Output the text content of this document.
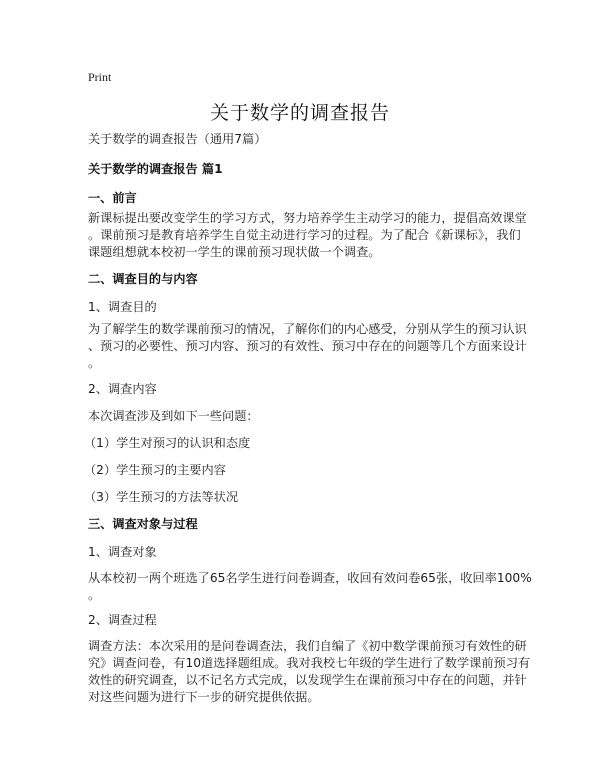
Print
关于数学的调查报告
关于数学的调查报告（通用7篇）
关于数学的调查报告 篇1
一、前言
新课标提出要改变学生的学习方式，努力培养学生主动学习的能力，提倡高效课堂
。课前预习是教育培养学生自觉主动进行学习的过程。为了配合《新课标》，我们
课题组想就本校初一学生的课前预习现状做一个调查。
二、调查目的与内容
1、调查目的
为了解学生的数学课前预习的情况，了解你们的内心感受，分别从学生的预习认识
、预习的必要性、预习内容、预习的有效性、预习中存在的问题等几个方面来设计
。
2、调查内容
本次调查涉及到如下一些问题：
（1）学生对预习的认识和态度
（2）学生预习的主要内容
（3）学生预习的方法等状况
三、调查对象与过程
1、调查对象
从本校初一两个班选了65名学生进行问卷调查，收回有效问卷65张，收回率100%
。
2、调查过程
调查方法：本次采用的是问卷调查法，我们自编了《初中数学课前预习有效性的研
究》调查问卷，有10道选择题组成。我对我校七年级的学生进行了数学课前预习有
效性的研究调查，以不记名方式完成，以发现学生在课前预习中存在的问题，并针
对这些问题为进行下一步的研究提供依据。
